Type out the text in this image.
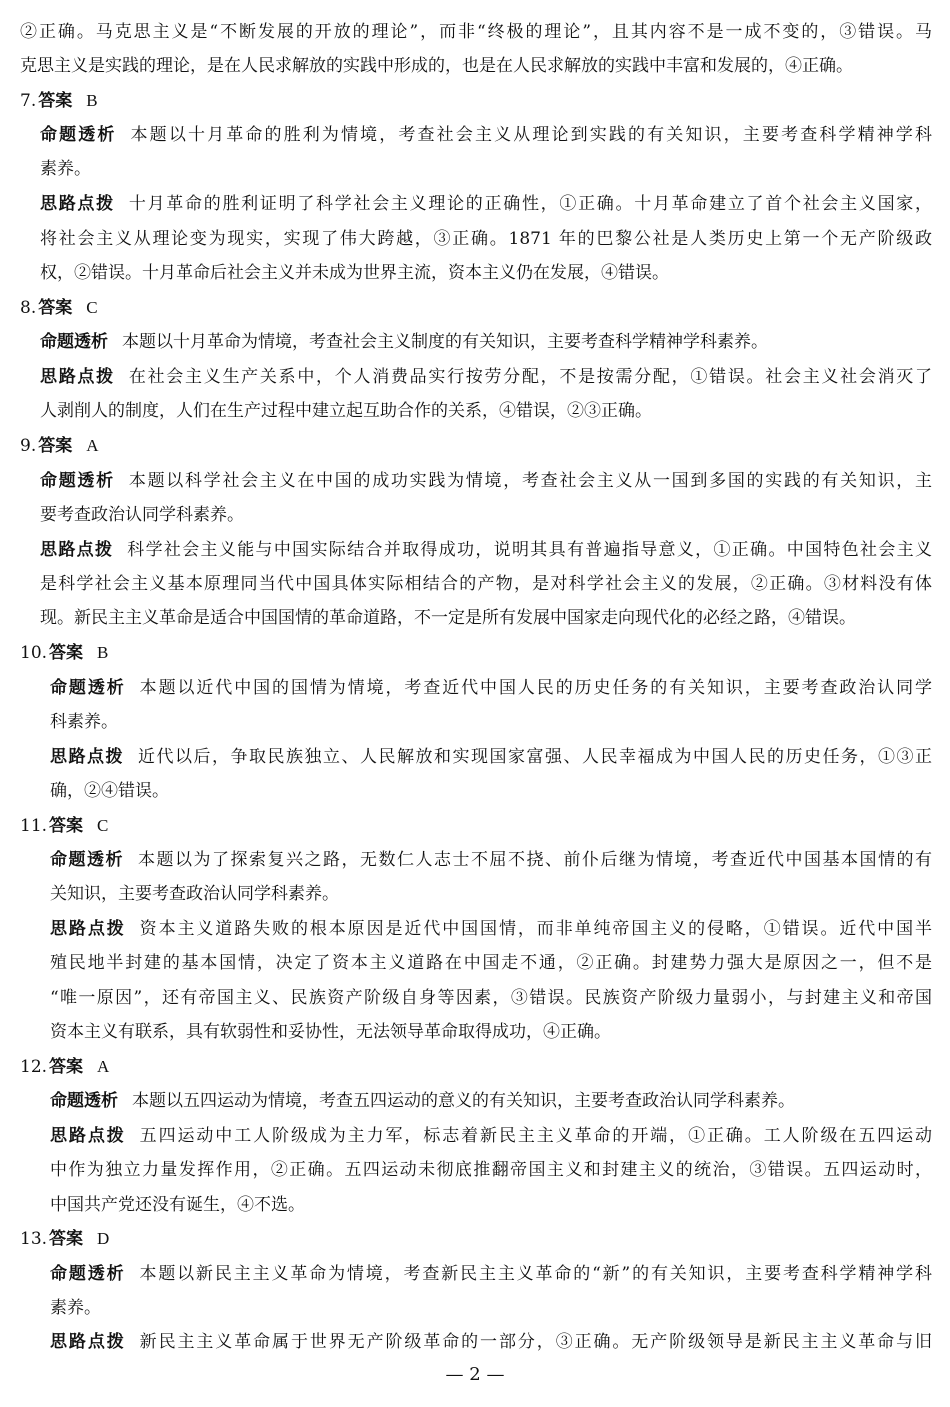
②正确。马克思主义是“不断发展的开放的理论”，而非“终极的理论”，且其内容不是一成不变的，③错误。马
克思主义是实践的理论，是在人民求解放的实践中形成的，也是在人民求解放的实践中丰富和发展的，④正确。
7. 答案 B
命题透析 本题以十月革命的胜利为情境，考查社会主义从理论到实践的有关知识，主要考查科学精神学科
素养。
思路点拨 十月革命的胜利证明了科学社会主义理论的正确性，①正确。十月革命建立了首个社会主义国家，
将社会主义从理论变为现实，实现了伟大跨越，③正确。1871 年的巴黎公社是人类历史上第一个无产阶级政
权，②错误。十月革命后社会主义并未成为世界主流，资本主义仍在发展，④错误。
8. 答案 C
命题透析 本题以十月革命为情境，考查社会主义制度的有关知识，主要考查科学精神学科素养。
思路点拨 在社会主义生产关系中，个人消费品实行按劳分配，不是按需分配，①错误。社会主义社会消灭了
人剥削人的制度，人们在生产过程中建立起互助合作的关系，④错误，②③正确。
9. 答案 A
命题透析 本题以科学社会主义在中国的成功实践为情境，考查社会主义从一国到多国的实践的有关知识，主
要考查政治认同学科素养。
思路点拨 科学社会主义能与中国实际结合并取得成功，说明其具有普遍指导意义，①正确。中国特色社会主义
是科学社会主义基本原理同当代中国具体实际相结合的产物，是对科学社会主义的发展，②正确。③材料没有体
现。新民主主义革命是适合中国国情的革命道路，不一定是所有发展中国家走向现代化的必经之路，④错误。
10. 答案 B
命题透析 本题以近代中国的国情为情境，考查近代中国人民的历史任务的有关知识，主要考查政治认同学
科素养。
思路点拨 近代以后，争取民族独立、人民解放和实现国家富强、人民幸福成为中国人民的历史任务，①③正
确，②④错误。
11. 答案 C
命题透析 本题以为了探索复兴之路，无数仁人志士不屈不挠、前仆后继为情境，考查近代中国基本国情的有
关知识，主要考查政治认同学科素养。
思路点拨 资本主义道路失败的根本原因是近代中国国情，而非单纯帝国主义的侵略，①错误。近代中国半
殖民地半封建的基本国情，决定了资本主义道路在中国走不通，②正确。封建势力强大是原因之一，但不是
“唯一原因”，还有帝国主义、民族资产阶级自身等因素，③错误。民族资产阶级力量弱小，与封建主义和帝国
资本主义有联系，具有软弱性和妥协性，无法领导革命取得成功，④正确。
12. 答案 A
命题透析 本题以五四运动为情境，考查五四运动的意义的有关知识，主要考查政治认同学科素养。
思路点拨 五四运动中工人阶级成为主力军，标志着新民主主义革命的开端，①正确。工人阶级在五四运动
中作为独立力量发挥作用，②正确。五四运动未彻底推翻帝国主义和封建主义的统治，③错误。五四运动时，
中国共产党还没有诞生，④不选。
13. 答案 D
命题透析 本题以新民主主义革命为情境，考查新民主主义革命的“新”的有关知识，主要考查科学精神学科
素养。
思路点拨 新民主主义革命属于世界无产阶级革命的一部分，③正确。无产阶级领导是新民主主义革命与旧
— 2 —
